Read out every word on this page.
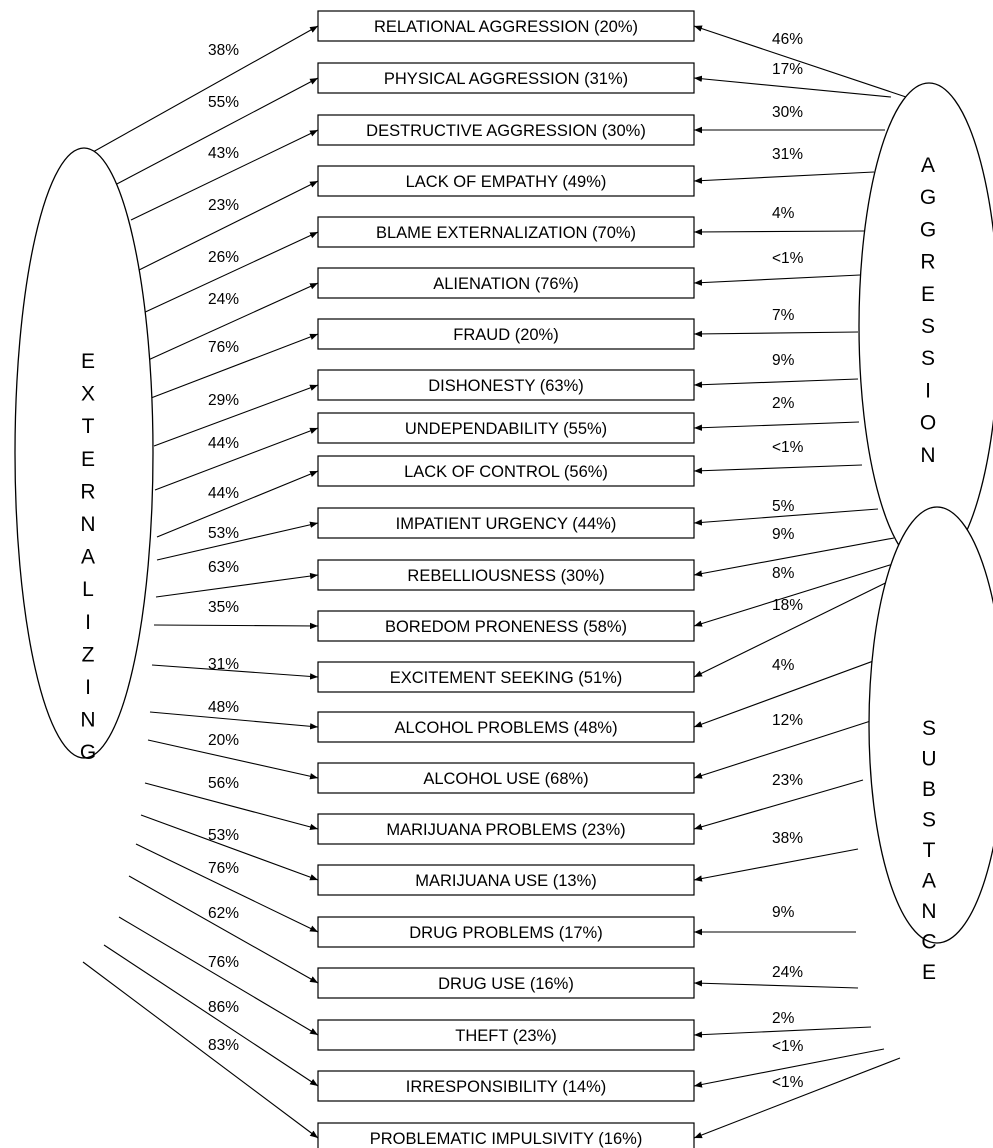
E
X
T
E
R
N
A
L
I
Z
I
N
G
A
G
G
R
E
S
S
I
O
N
S
U
B
S
T
A
N
C
E
RELATIONAL AGGRESSION (20%)
PHYSICAL AGGRESSION (31%)
DESTRUCTIVE AGGRESSION (30%)
LACK OF EMPATHY (49%)
BLAME EXTERNALIZATION (70%)
ALIENATION (76%)
FRAUD (20%)
DISHONESTY (63%)
UNDEPENDABILITY (55%)
LACK OF CONTROL (56%)
IMPATIENT URGENCY (44%)
REBELLIOUSNESS (30%)
BOREDOM PRONENESS (58%)
EXCITEMENT SEEKING (51%)
ALCOHOL PROBLEMS (48%)
ALCOHOL USE (68%)
MARIJUANA PROBLEMS (23%)
MARIJUANA USE (13%)
DRUG PROBLEMS (17%)
DRUG USE (16%)
THEFT (23%)
IRRESPONSIBILITY (14%)
PROBLEMATIC IMPULSIVITY (16%)
38%
46%
55%
17%
43%
30%
23%
31%
26%
4%
24%
<1%
76%
7%
29%
9%
44%
2%
44%
<1%
53%
5%
63%
9%
35%
8%
31%
18%
48%
4%
20%
12%
56%	23%
53%	38%
76%
9%
62%
24%
76%
2%
86%
<1%
83%
<1%
